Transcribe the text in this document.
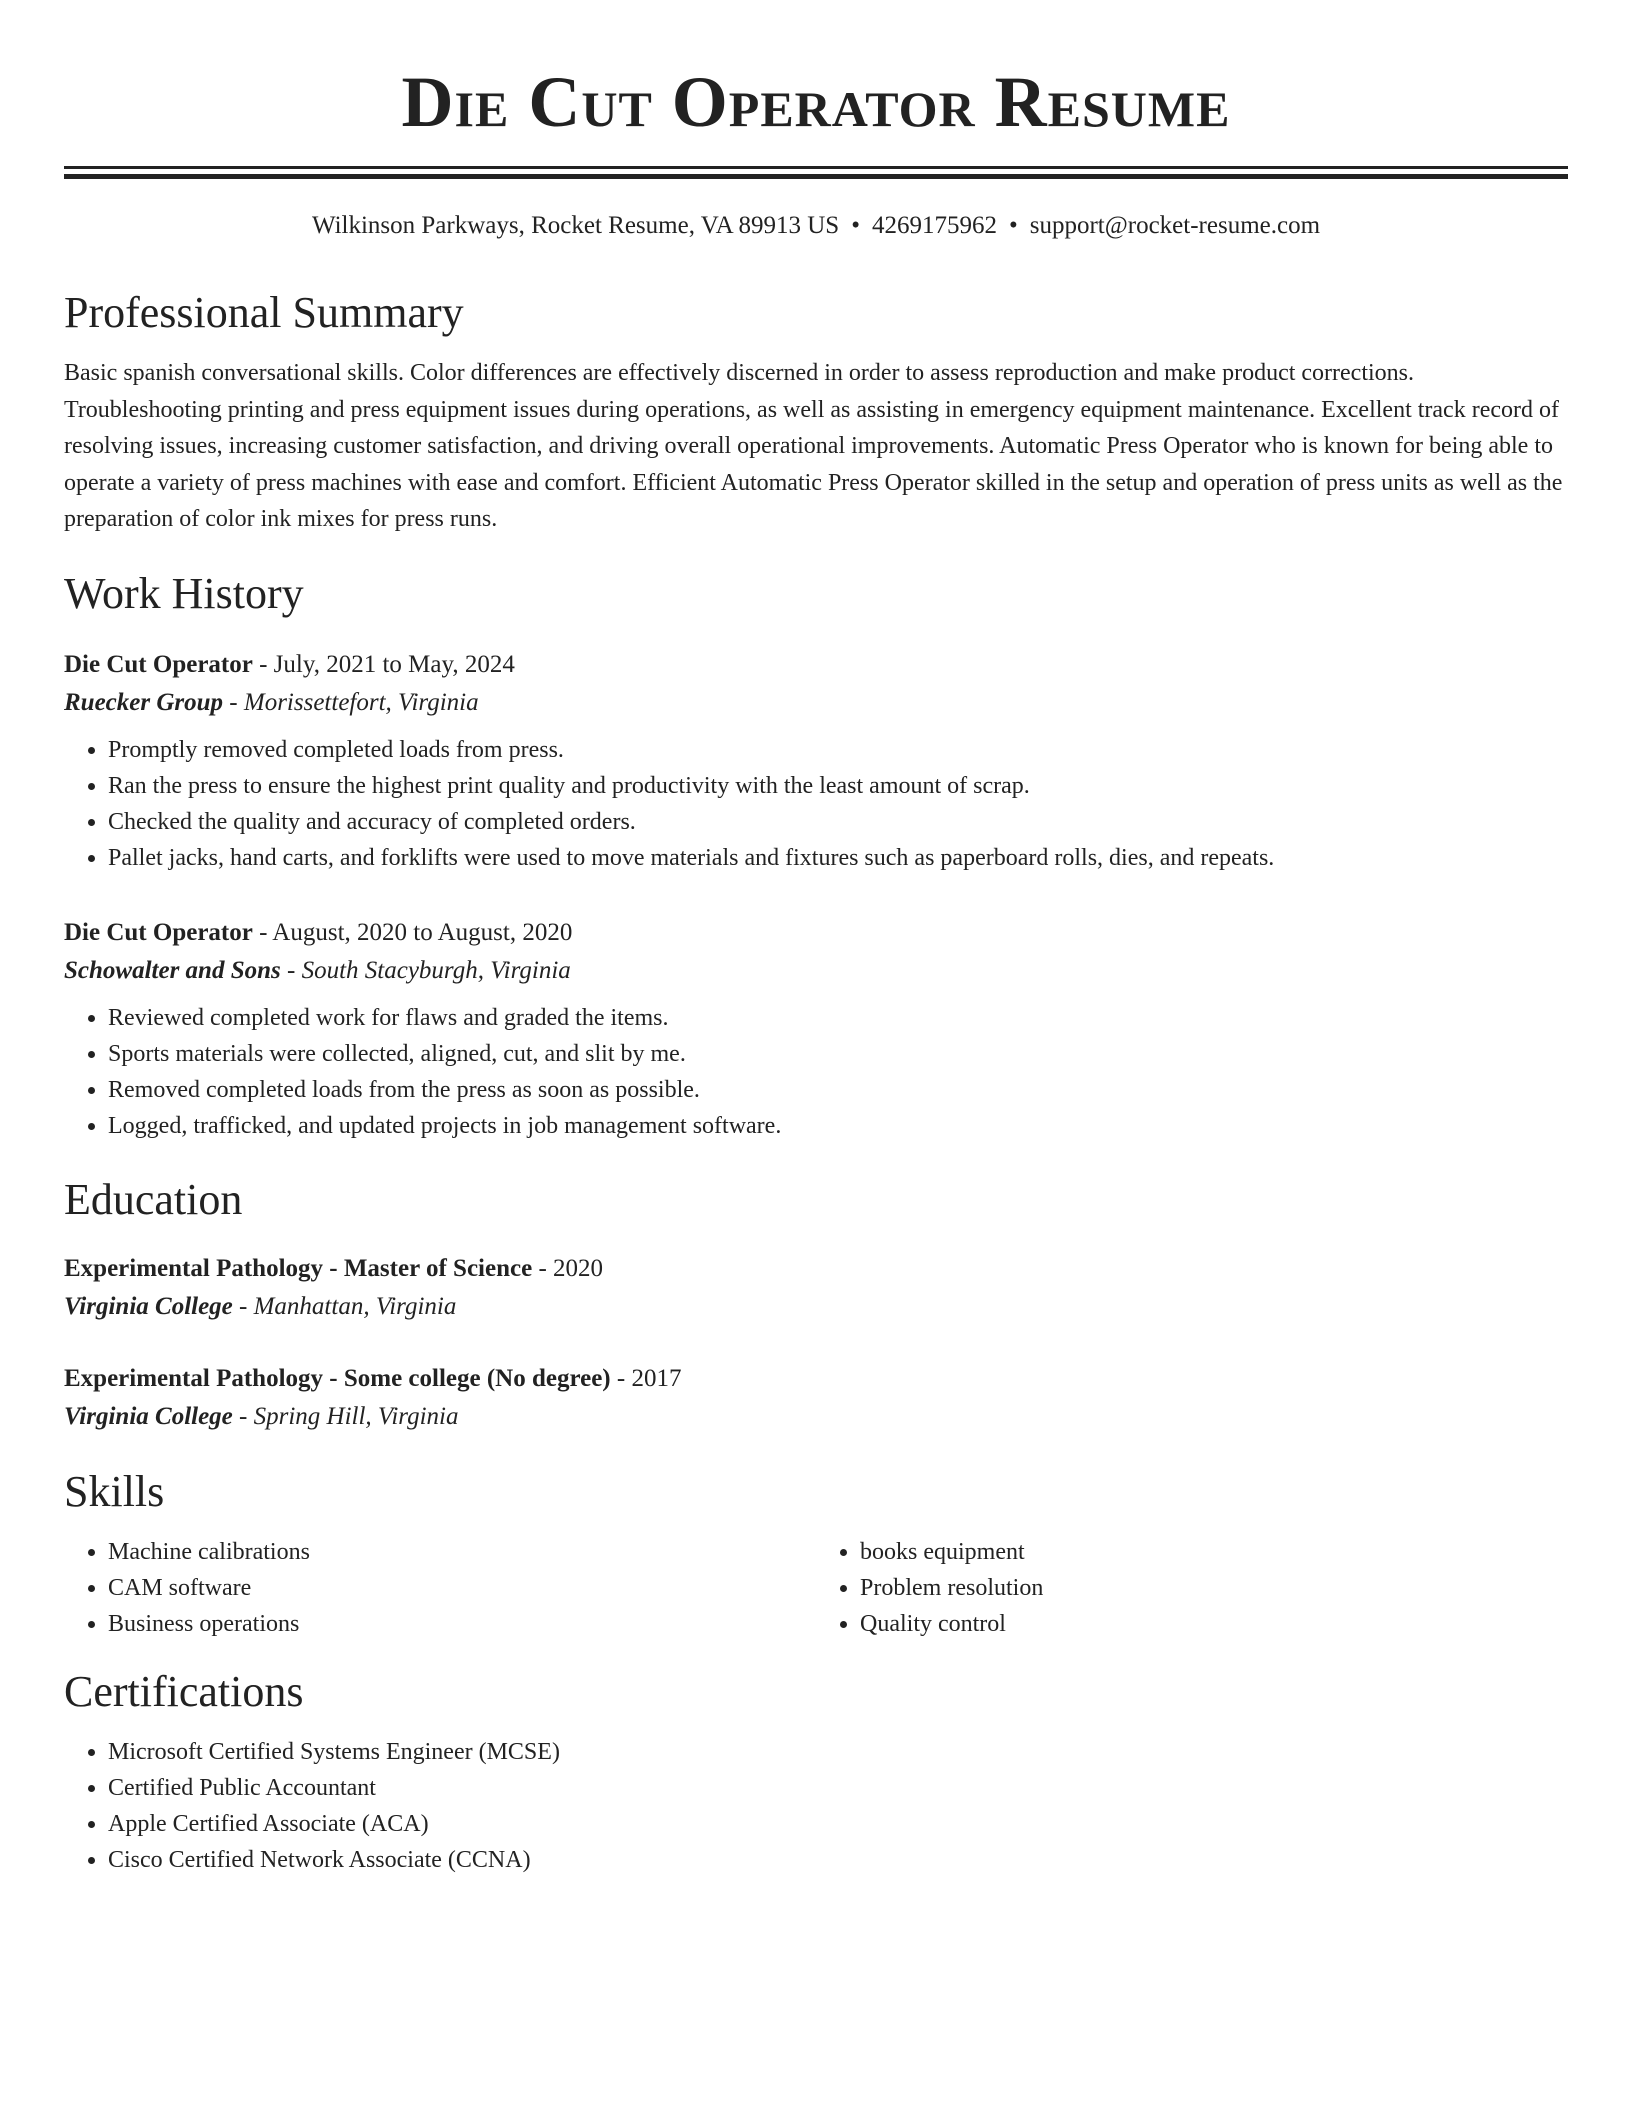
Die Cut Operator Resume
Wilkinson Parkways, Rocket Resume, VA 89913 US • 4269175962 • support@rocket-resume.com
Professional Summary
Basic spanish conversational skills. Color differences are effectively discerned in order to assess reproduction and make product corrections. Troubleshooting printing and press equipment issues during operations, as well as assisting in emergency equipment maintenance. Excellent track record of resolving issues, increasing customer satisfaction, and driving overall operational improvements. Automatic Press Operator who is known for being able to operate a variety of press machines with ease and comfort. Efficient Automatic Press Operator skilled in the setup and operation of press units as well as the preparation of color ink mixes for press runs.
Work History
Die Cut Operator - July, 2021 to May, 2024
Ruecker Group - Morissettefort, Virginia
• Promptly removed completed loads from press.
• Ran the press to ensure the highest print quality and productivity with the least amount of scrap.
• Checked the quality and accuracy of completed orders.
• Pallet jacks, hand carts, and forklifts were used to move materials and fixtures such as paperboard rolls, dies, and repeats.
Die Cut Operator - August, 2020 to August, 2020
Schowalter and Sons - South Stacyburgh, Virginia
• Reviewed completed work for flaws and graded the items.
• Sports materials were collected, aligned, cut, and slit by me.
• Removed completed loads from the press as soon as possible.
• Logged, trafficked, and updated projects in job management software.
Education
Experimental Pathology - Master of Science - 2020
Virginia College - Manhattan, Virginia
Experimental Pathology - Some college (No degree) - 2017
Virginia College - Spring Hill, Virginia
Skills
• Machine calibrations
• CAM software
• Business operations
• books equipment
• Problem resolution
• Quality control
Certifications
• Microsoft Certified Systems Engineer (MCSE)
• Certified Public Accountant
• Apple Certified Associate (ACA)
• Cisco Certified Network Associate (CCNA)
